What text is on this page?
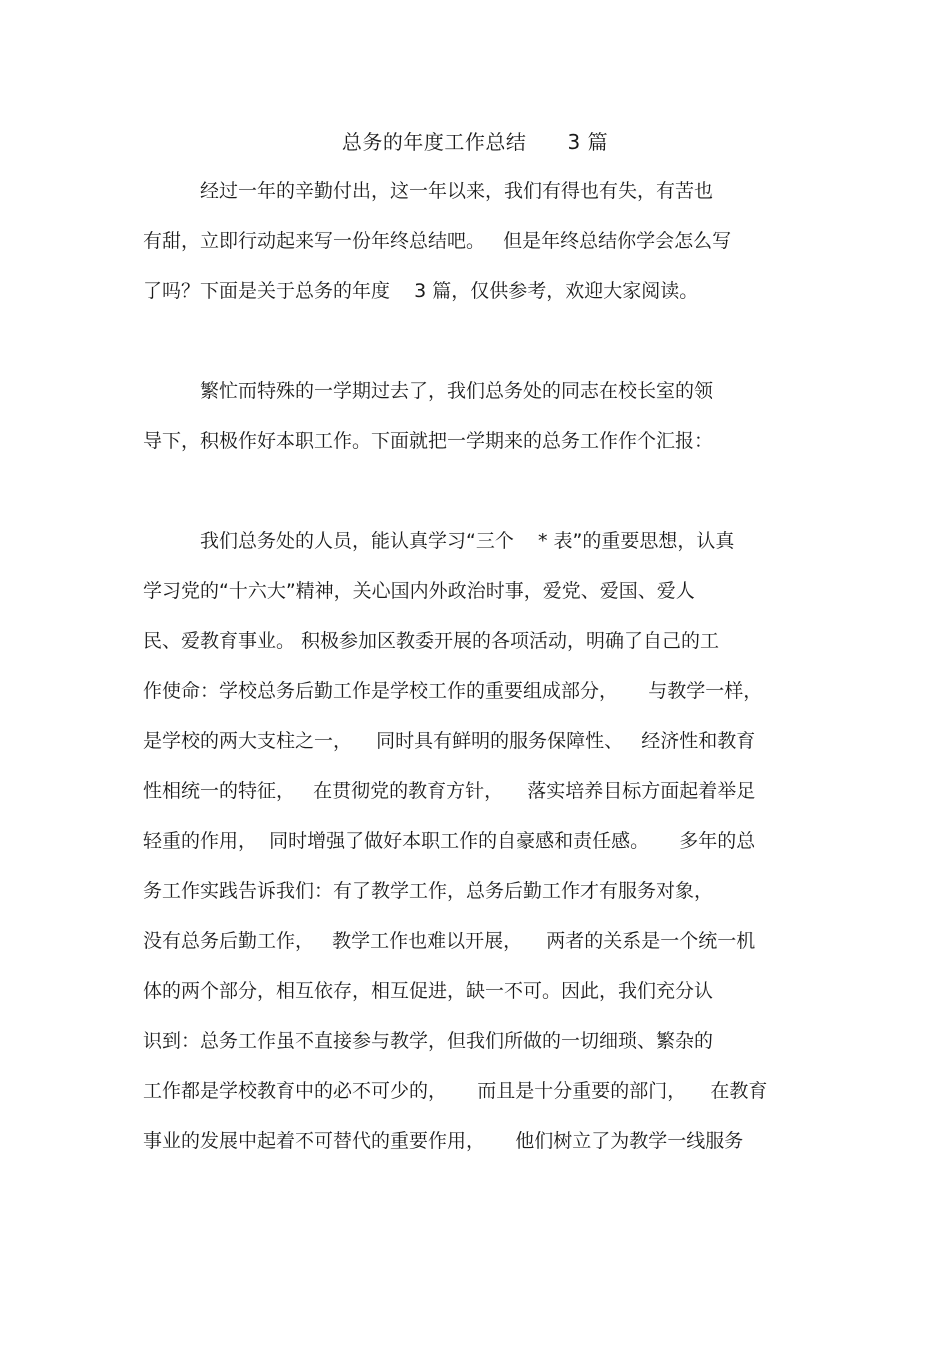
总务的年度工作总结      3 篇
经过一年的辛勤付出，这一年以来，我们有得也有失，有苦也
有甜，立即行动起来写一份年终总结吧。   但是年终总结你学会怎么写
了吗？下面是关于总务的年度    3 篇，仅供参考，欢迎大家阅读。
繁忙而特殊的一学期过去了，我们总务处的同志在校长室的领
导下，积极作好本职工作。下面就把一学期来的总务工作作个汇报：
我们总务处的人员，能认真学习“三个    * 表”的重要思想，认真
学习党的“十六大”精神，关心国内外政治时事，爱党、爱国、爱人
民、爱教育事业。 积极参加区教委开展的各项活动，明确了自己的工
作使命：学校总务后勤工作是学校工作的重要组成部分，     与教学一样，
是学校的两大支柱之一，    同时具有鲜明的服务保障性、   经济性和教育
性相统一的特征，   在贯彻党的教育方针，    落实培养目标方面起着举足
轻重的作用，  同时增强了做好本职工作的自豪感和责任感。     多年的总
务工作实践告诉我们：有了教学工作，总务后勤工作才有服务对象，
没有总务后勤工作，   教学工作也难以开展，    两者的关系是一个统一机
体的两个部分，相互依存，相互促进，缺一不可。因此，我们充分认
识到：总务工作虽不直接参与教学，但我们所做的一切细琐、繁杂的
工作都是学校教育中的必不可少的，     而且是十分重要的部门，    在教育
事业的发展中起着不可替代的重要作用，     他们树立了为教学一线服务
